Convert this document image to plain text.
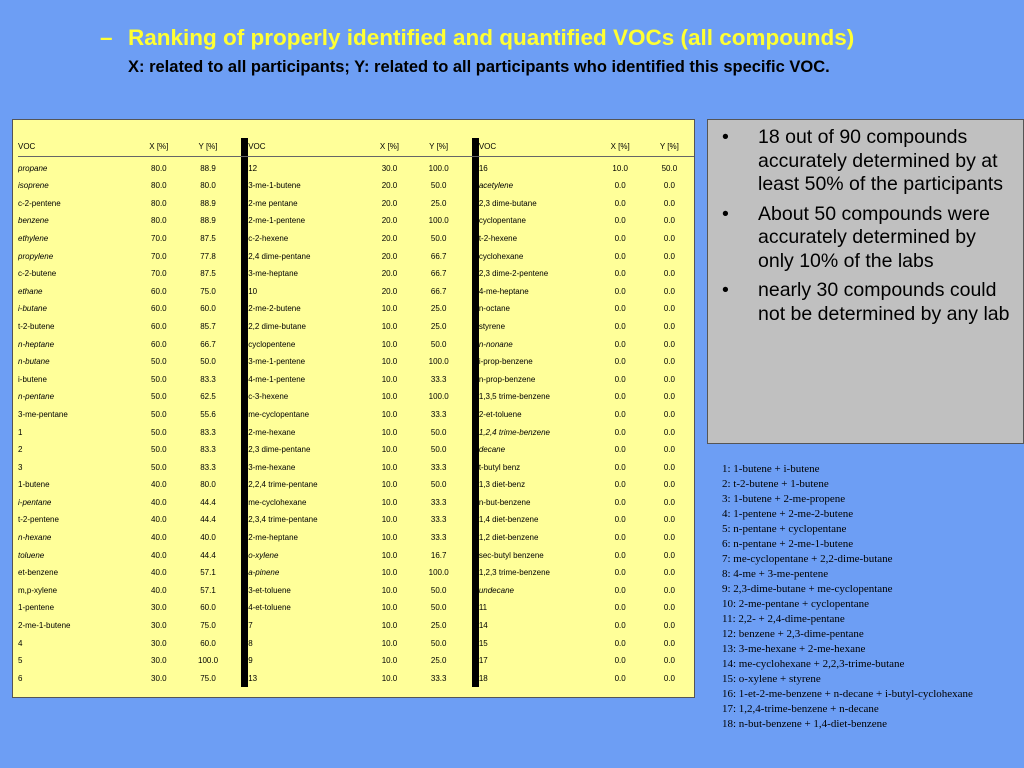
– Ranking of properly identified and quantified VOCs (all compounds)
X: related to all participants; Y: related to all participants who identified this specific VOC.
VOC	X [%]	Y [%]			VOC	X [%]	Y [%]			VOC	X [%]	Y [%]

propane	80.0	88.9			12	30.0	100.0			16	10.0	50.0
isoprene	80.0	80.0			3-me-1-butene	20.0	50.0			acetylene	0.0	0.0
c-2-pentene	80.0	88.9			2-me pentane	20.0	25.0			2,3 dime-butane	0.0	0.0
benzene	80.0	88.9			2-me-1-pentene	20.0	100.0			cyclopentane	0.0	0.0
ethylene	70.0	87.5			c-2-hexene	20.0	50.0			t-2-hexene	0.0	0.0
propylene	70.0	77.8			2,4 dime-pentane	20.0	66.7			cyclohexane	0.0	0.0
c-2-butene	70.0	87.5			3-me-heptane	20.0	66.7			2,3 dime-2-pentene	0.0	0.0
ethane	60.0	75.0			10	20.0	66.7			4-me-heptane	0.0	0.0
i-butane	60.0	60.0			2-me-2-butene	10.0	25.0			n-octane	0.0	0.0
t-2-butene	60.0	85.7			2,2 dime-butane	10.0	25.0			styrene	0.0	0.0
n-heptane	60.0	66.7			cyclopentene	10.0	50.0			n-nonane	0.0	0.0
n-butane	50.0	50.0			3-me-1-pentene	10.0	100.0			i-prop-benzene	0.0	0.0
i-butene	50.0	83.3			4-me-1-pentene	10.0	33.3			n-prop-benzene	0.0	0.0
n-pentane	50.0	62.5			c-3-hexene	10.0	100.0			1,3,5 trime-benzene	0.0	0.0
3-me-pentane	50.0	55.6			me-cyclopentane	10.0	33.3			2-et-toluene	0.0	0.0
1	50.0	83.3			2-me-hexane	10.0	50.0			1,2,4 trime-benzene	0.0	0.0
2	50.0	83.3			2,3 dime-pentane	10.0	50.0			decane	0.0	0.0
3	50.0	83.3			3-me-hexane	10.0	33.3			t-butyl benz	0.0	0.0
1-butene	40.0	80.0			2,2,4 trime-pentane	10.0	50.0			1,3 diet-benz	0.0	0.0
i-pentane	40.0	44.4			me-cyclohexane	10.0	33.3			n-but-benzene	0.0	0.0
t-2-pentene	40.0	44.4			2,3,4 trime-pentane	10.0	33.3			1,4 diet-benzene	0.0	0.0
n-hexane	40.0	40.0			2-me-heptane	10.0	33.3			1,2 diet-benzene	0.0	0.0
toluene	40.0	44.4			o-xylene	10.0	16.7			sec-butyl benzene	0.0	0.0
et-benzene	40.0	57.1			a-pinene	10.0	100.0			1,2,3 trime-benzene	0.0	0.0
m,p-xylene	40.0	57.1			3-et-toluene	10.0	50.0			undecane	0.0	0.0
1-pentene	30.0	60.0			4-et-toluene	10.0	50.0			11	0.0	0.0
2-me-1-butene	30.0	75.0			7	10.0	25.0			14	0.0	0.0
4	30.0	60.0			8	10.0	50.0			15	0.0	0.0
5	30.0	100.0			9	10.0	25.0			17	0.0	0.0
6	30.0	75.0			13	10.0	33.3			18	0.0	0.0
• 18 out of 90 compounds accurately determined by at least 50% of the participants
• About 50 compounds were accurately determined by only 10% of the labs
• nearly 30 compounds could not be determined by any lab
1: 1-butene + i-butene
2: t-2-butene + 1-butene
3: 1-butene + 2-me-propene
4: 1-pentene + 2-me-2-butene
5: n-pentane + cyclopentane
6: n-pentane + 2-me-1-butene
7: me-cyclopentane + 2,2-dime-butane
8: 4-me + 3-me-pentene
9: 2,3-dime-butane + me-cyclopentane
10: 2-me-pentane + cyclopentane
11: 2,2- + 2,4-dime-pentane
12: benzene + 2,3-dime-pentane
13: 3-me-hexane + 2-me-hexane
14: me-cyclohexane + 2,2,3-trime-butane
15: o-xylene + styrene
16: 1-et-2-me-benzene + n-decane + i-butyl-cyclohexane
17: 1,2,4-trime-benzene + n-decane
18: n-but-benzene + 1,4-diet-benzene
